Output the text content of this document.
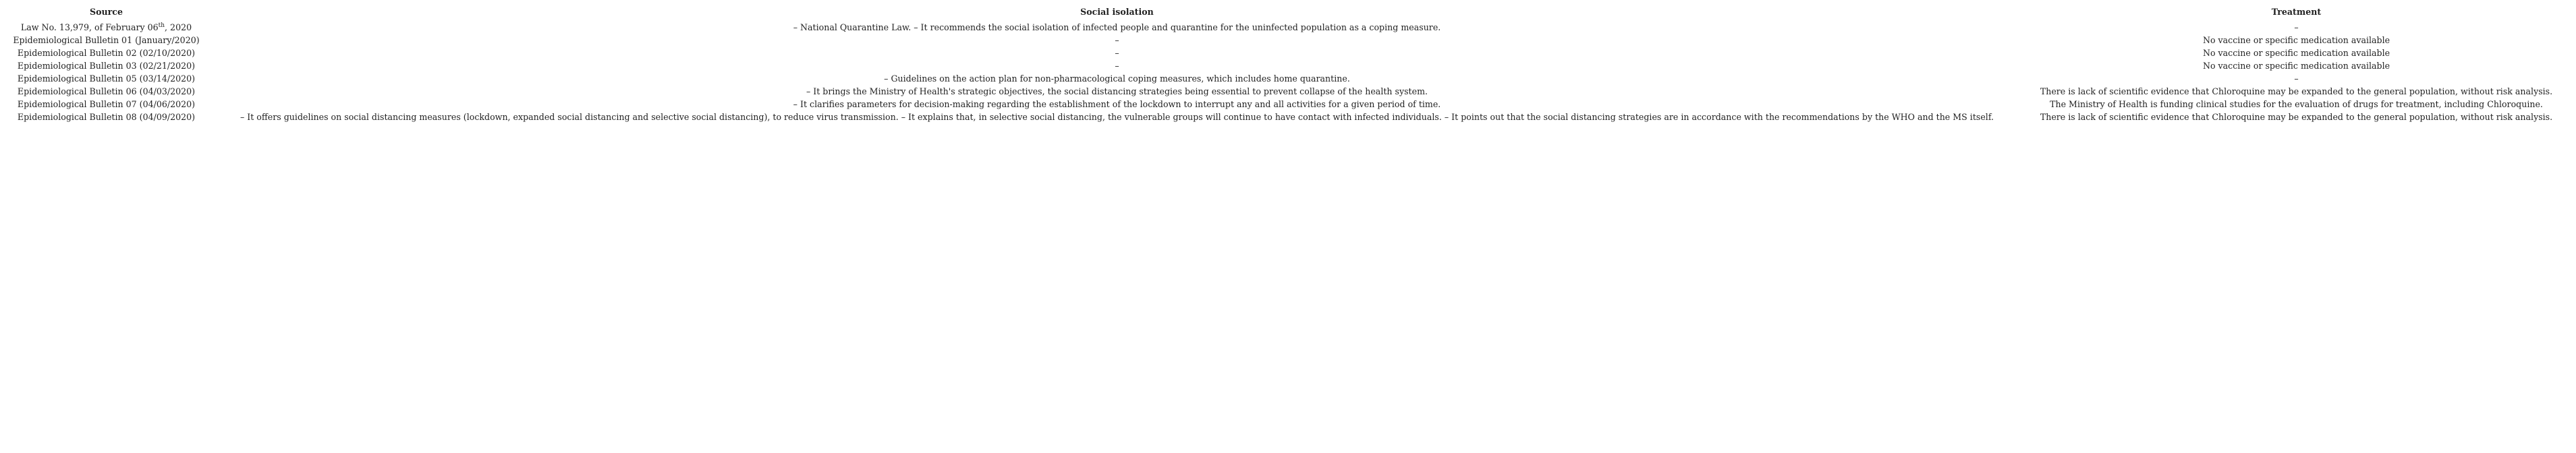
Source	Social isolation	Treatment
Law No. 13,979, of February 06th, 2020	– National Quarantine Law. – It recommends the social isolation of infected people and quarantine for the uninfected population as a coping measure.	–
Epidemiological Bulletin 01 (January/2020)	–	No vaccine or specific medication available
Epidemiological Bulletin 02 (02/10/2020)	–	No vaccine or specific medication available
Epidemiological Bulletin 03 (02/21/2020)	–	No vaccine or specific medication available
Epidemiological Bulletin 05 (03/14/2020)	– Guidelines on the action plan for non-pharmacological coping measures, which includes home quarantine.	–
Epidemiological Bulletin 06 (04/03/2020)	– It brings the Ministry of Health's strategic objectives, the social distancing strategies being essential to prevent collapse of the health system.	There is lack of scientific evidence that Chloroquine may be expanded to the general population, without risk analysis.
Epidemiological Bulletin 07 (04/06/2020)	– It clarifies parameters for decision-making regarding the establishment of the lockdown to interrupt any and all activities for a given period of time.	The Ministry of Health is funding clinical studies for the evaluation of drugs for treatment, including Chloroquine.
Epidemiological Bulletin 08 (04/09/2020)	– It offers guidelines on social distancing measures (lockdown, expanded social distancing and selective social distancing), to reduce virus transmission. – It explains that, in selective social distancing, the vulnerable groups will continue to have contact with infected individuals. – It points out that the social distancing strategies are in accordance with the recommendations by the WHO and the MS itself.	There is lack of scientific evidence that Chloroquine may be expanded to the general population, without risk analysis.
